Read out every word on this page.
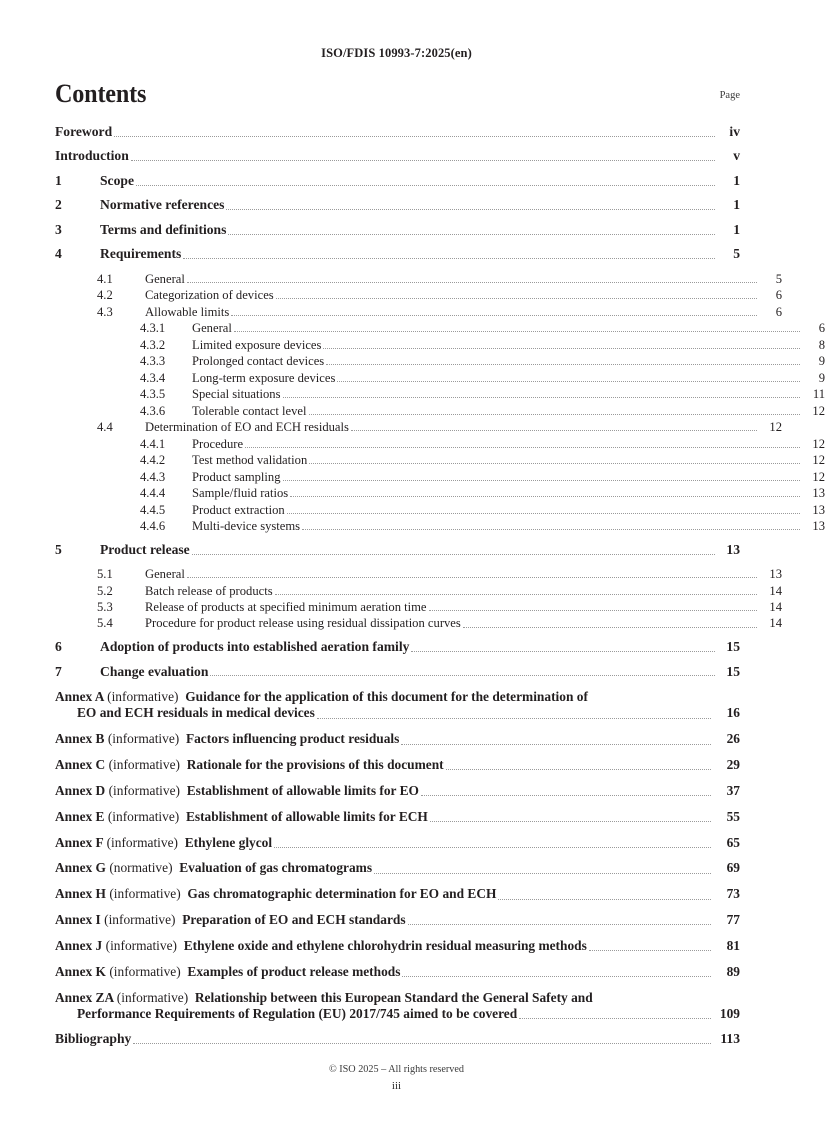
ISO/FDIS 10993-7:2025(en)
Contents	Page
Foreword	iv
Introduction	v
1	Scope	1
2	Normative references	1
3	Terms and definitions	1
4	Requirements	5
4.1	General	5
4.2	Categorization of devices	6
4.3	Allowable limits	6
4.3.1	General	6
4.3.2	Limited exposure devices	8
4.3.3	Prolonged contact devices	9
4.3.4	Long-term exposure devices	9
4.3.5	Special situations	11
4.3.6	Tolerable contact level	12
4.4	Determination of EO and ECH residuals	12
4.4.1	Procedure	12
4.4.2	Test method validation	12
4.4.3	Product sampling	12
4.4.4	Sample/fluid ratios	13
4.4.5	Product extraction	13
4.4.6	Multi-device systems	13
5	Product release	13
5.1	General	13
5.2	Batch release of products	14
5.3	Release of products at specified minimum aeration time	14
5.4	Procedure for product release using residual dissipation curves	14
6	Adoption of products into established aeration family	15
7	Change evaluation	15
Annex A (informative)  Guidance for the application of this document for the determination of
EO and ECH residuals in medical devices	16
Annex B (informative)  Factors influencing product residuals	26
Annex C (informative)  Rationale for the provisions of this document	29
Annex D (informative)  Establishment of allowable limits for EO	37
Annex E (informative)  Establishment of allowable limits for ECH	55
Annex F (informative)  Ethylene glycol	65
Annex G (normative)  Evaluation of gas chromatograms	69
Annex H (informative)  Gas chromatographic determination for EO and ECH	73
Annex I (informative)  Preparation of EO and ECH standards	77
Annex J (informative)  Ethylene oxide and ethylene chlorohydrin residual measuring methods	81
Annex K (informative)  Examples of product release methods	89
Annex ZA (informative)  Relationship between this European Standard the General Safety and
Performance Requirements of Regulation (EU) 2017/745 aimed to be covered	109
Bibliography	113
© ISO 2025 – All rights reserved
iii
